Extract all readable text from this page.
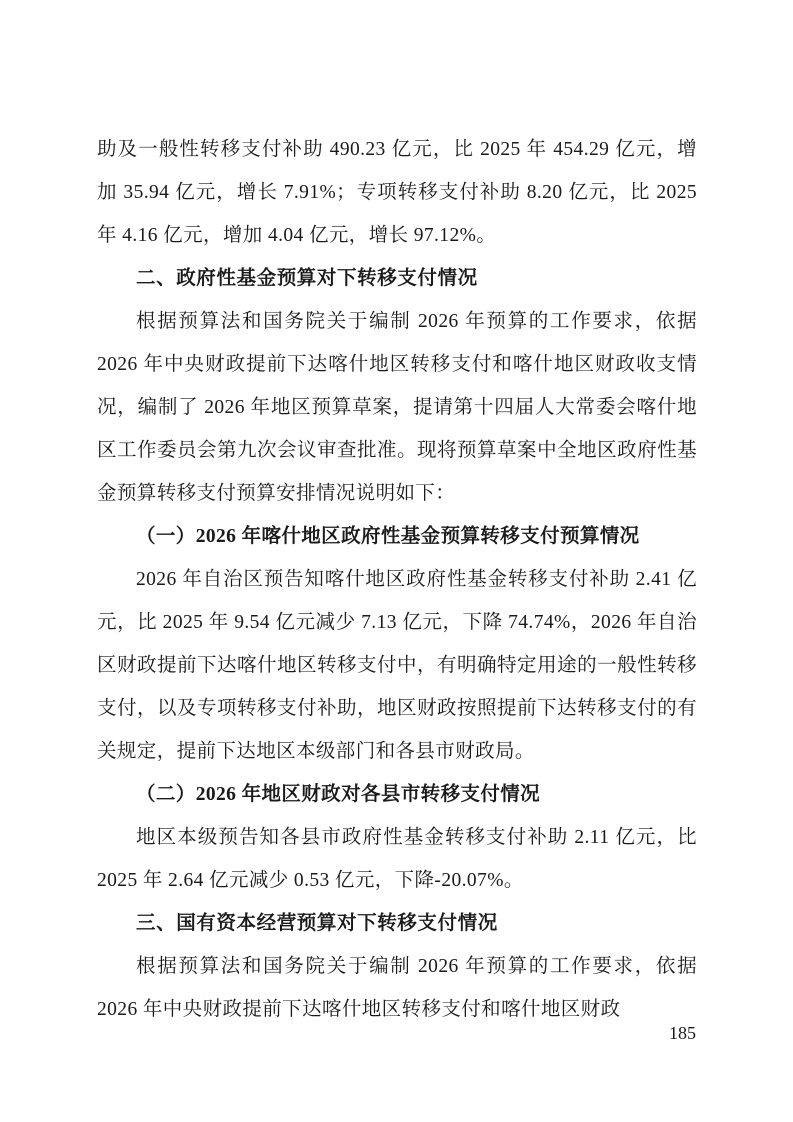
助及一般性转移支付补助 490.23 亿元，比 2025 年 454.29 亿元，增加 35.94 亿元，增长 7.91%；专项转移支付补助 8.20 亿元，比 2025 年 4.16 亿元，增加 4.04 亿元，增长 97.12%。

二、政府性基金预算对下转移支付情况

根据预算法和国务院关于编制 2026 年预算的工作要求，依据 2026 年中央财政提前下达喀什地区转移支付和喀什地区财政收支情况，编制了 2026 年地区预算草案，提请第十四届人大常委会喀什地区工作委员会第九次会议审查批准。现将预算草案中全地区政府性基金预算转移支付预算安排情况说明如下：

（一）2026 年喀什地区政府性基金预算转移支付预算情况

2026 年自治区预告知喀什地区政府性基金转移支付补助 2.41 亿元，比 2025 年 9.54 亿元减少 7.13 亿元，下降 74.74%，2026 年自治区财政提前下达喀什地区转移支付中，有明确特定用途的一般性转移支付，以及专项转移支付补助，地区财政按照提前下达转移支付的有关规定，提前下达地区本级部门和各县市财政局。

（二）2026 年地区财政对各县市转移支付情况

地区本级预告知各县市政府性基金转移支付补助 2.11 亿元，比 2025 年 2.64 亿元减少 0.53 亿元，下降-20.07%。

三、国有资本经营预算对下转移支付情况

根据预算法和国务院关于编制 2026 年预算的工作要求，依据 2026 年中央财政提前下达喀什地区转移支付和喀什地区财政

185
